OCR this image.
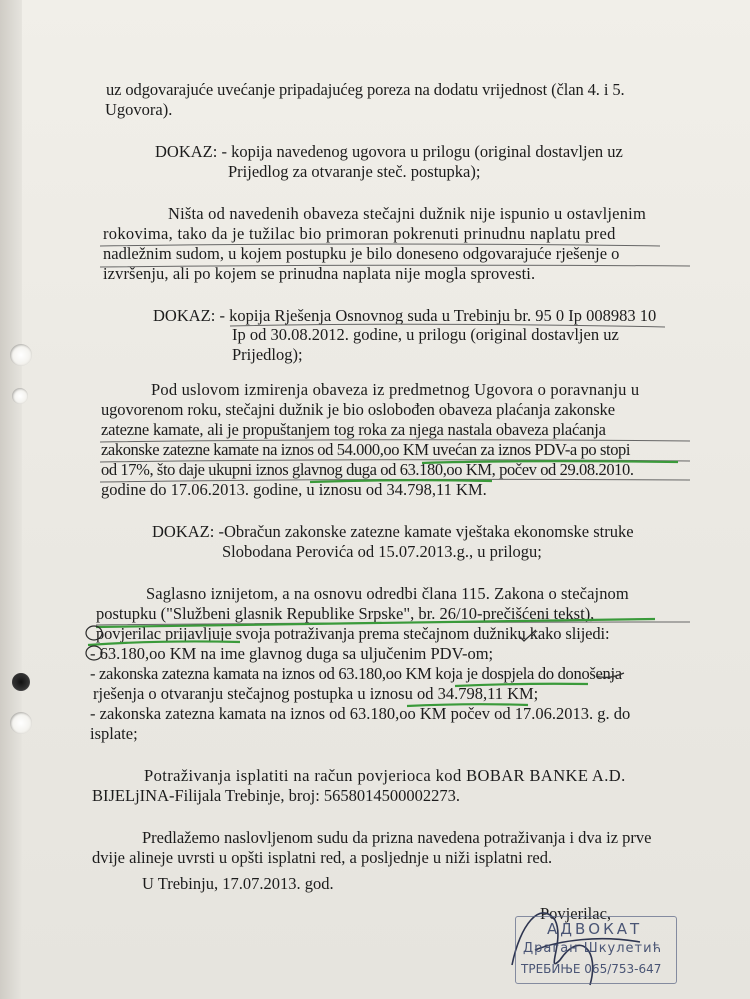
uz odgovarajuće uvećanje pripadajućeg poreza na dodatu vrijednost (član 4. i 5.

Ugovora).

DOKAZ: - kopija navedenog ugovora u prilogu (original dostavljen uz

Prijedlog za otvaranje steč. postupka);

Ništa od navedenih obaveza stečajni dužnik nije ispunio u ostavljenim

rokovima, tako da je tužilac bio primoran pokrenuti prinudnu naplatu pred

nadležnim sudom, u kojem postupku je bilo doneseno odgovarajuće rješenje o

izvršenju, ali po kojem se prinudna naplata nije mogla sprovesti.

DOKAZ: - kopija Rješenja Osnovnog suda u Trebinju br. 95 0 Ip 008983 10

Ip od 30.08.2012. godine, u prilogu (original dostavljen uz

Prijedlog);

Pod uslovom izmirenja obaveza iz predmetnog Ugovora o poravnanju u

ugovorenom roku, stečajni dužnik je bio oslobođen obaveza plaćanja zakonske

zatezne kamate, ali je propuštanjem tog roka za njega nastala obaveza plaćanja

zakonske zatezne kamate na iznos od 54.000,oo KM uvećan za iznos PDV-a po stopi

od 17%, što daje ukupni iznos glavnog duga od 63.180,oo KM, počev od 29.08.2010.

godine do 17.06.2013. godine, u iznosu od 34.798,11 KM.

DOKAZ: -Obračun zakonske zatezne kamate vještaka ekonomske struke

Slobodana Perovića od 15.07.2013.g., u prilogu;

Saglasno iznijetom, a na osnovu odredbi člana 115. Zakona o stečajnom

postupku ("Službeni glasnik Republike Srpske", br. 26/10-prečišćeni tekst),

povjerilac prijavljuje svoja potraživanja prema stečajnom dužniku kako slijedi:

- 63.180,oo KM na ime glavnog duga sa uljučenim PDV-om;

- zakonska zatezna kamata na iznos od 63.180,oo KM koja je dospjela do donošenja

rješenja o otvaranju stečajnog postupka u iznosu od 34.798,11 KM;

- zakonska zatezna kamata na iznos od 63.180,oo KM počev od 17.06.2013. g. do

isplate;

Potraživanja isplatiti na račun povjerioca kod BOBAR BANKE A.D.

BIJELjINA-Filijala Trebinje, broj: 5658014500002273.

Predlažemo naslovljenom sudu da prizna navedena potraživanja i dva iz prve

dvije alineje uvrsti u opšti isplatni red, a posljednje u niži isplatni red.

U Trebinju, 17.07.2013. god.

Povjerilac,

АДВОКАТ
Драган Шкулетић
ТРЕБИЊЕ 065/753-647
